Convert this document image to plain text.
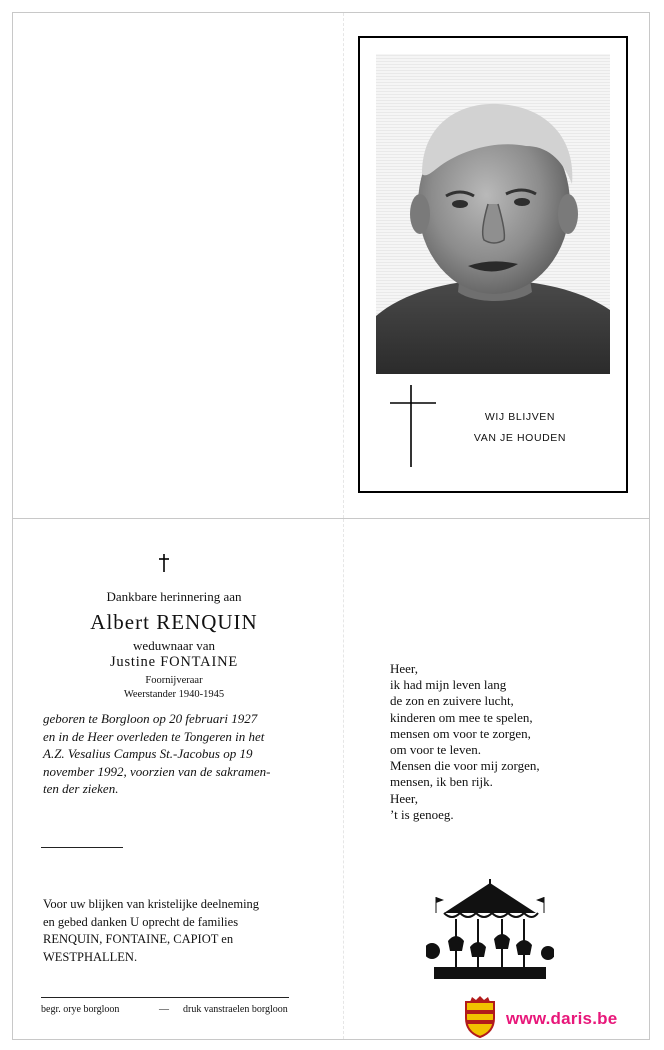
WIJ BLIJVEN
VAN JE HOUDEN
Dankbare herinnering aan
Albert RENQUIN
weduwnaar van
Justine FONTAINE
Foornijveraar
Weerstander 1940-1945
geboren te Borgloon op 20 februari 1927
en in de Heer overleden te Tongeren in het
A.Z. Vesalius Campus St.-Jacobus op 19
november 1992, voorzien van de sakramen-
ten der zieken.
Voor uw blijken van kristelijke deelneming
en gebed danken U oprecht de families
RENQUIN, FONTAINE, CAPIOT en
WESTPHALLEN.
begr. orye borgloon	— druk vanstraelen borgloon
Heer,
ik had mijn leven lang
de zon en zuivere lucht,
kinderen om mee te spelen,
mensen om voor te zorgen,
om voor te leven.
Mensen die voor mij zorgen,
mensen, ik ben rijk.
Heer,
’t is genoeg.
www.daris.be
